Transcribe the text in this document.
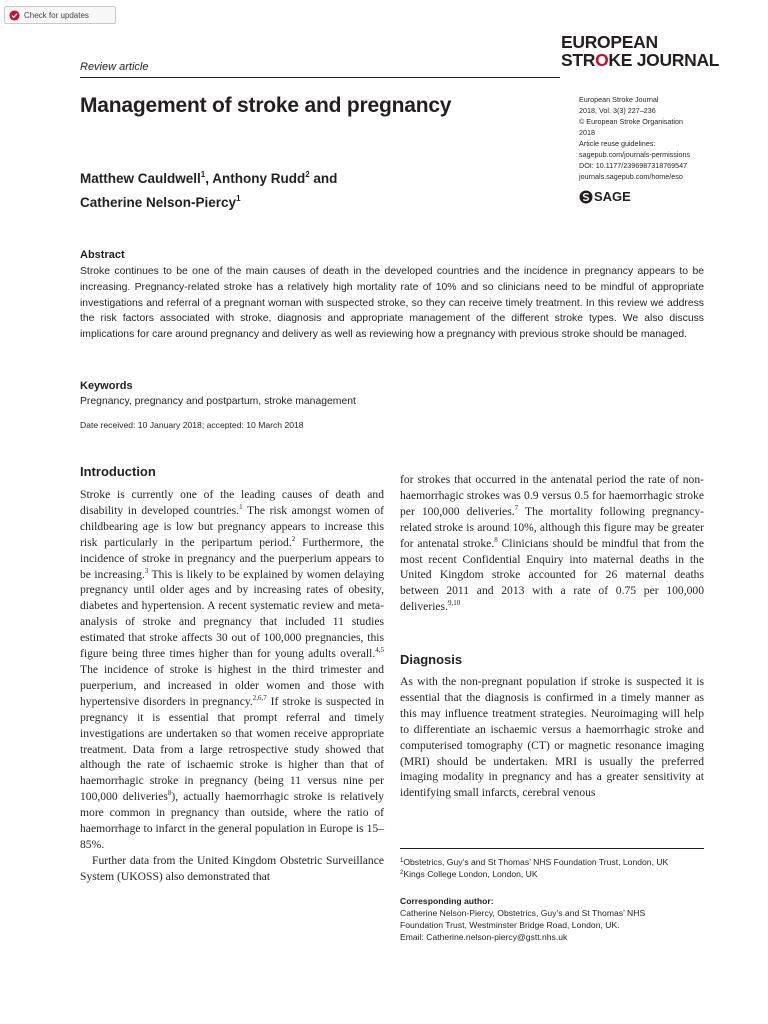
Check for updates
Review article
EUROPEAN
STROKE JOURNAL
European Stroke Journal
2018, Vol. 3(3) 227–236
© European Stroke Organisation
2018
Article reuse guidelines:
sagepub.com/journals-permissions
DOI: 10.1177/2396987318769547
journals.sagepub.com/home/eso
SAGE
Management of stroke and pregnancy
Matthew Cauldwell$^1$, Anthony Rudd$^2$ and
Catherine Nelson-Piercy$^1$
Abstract
Stroke continues to be one of the main causes of death in the developed countries and the incidence in pregnancy appears to be increasing. Pregnancy-related stroke has a relatively high mortality rate of 10% and so clinicians need to be mindful of appropriate investigations and referral of a pregnant woman with suspected stroke, so they can receive timely treatment. In this review we address the risk factors associated with stroke, diagnosis and appropriate management of the different stroke types. We also discuss implications for care around pregnancy and delivery as well as reviewing how a pregnancy with previous stroke should be managed.
Keywords
Pregnancy, pregnancy and postpartum, stroke management
Date received: 10 January 2018; accepted: 10 March 2018
Introduction

Stroke is currently one of the leading causes of death and disability in developed countries.$^1$ The risk amongst women of childbearing age is low but pregnancy appears to increase this risk particularly in the peripartum period.$^2$ Furthermore, the incidence of stroke in pregnancy and the puerperium appears to be increasing.$^3$ This is likely to be explained by women delaying pregnancy until older ages and by increasing rates of obesity, diabetes and hypertension. A recent systematic review and meta-analysis of stroke and pregnancy that included 11 studies estimated that stroke affects 30 out of 100,000 pregnancies, this figure being three times higher than for young adults overall.$^{4,5}$ The incidence of stroke is highest in the third trimester and puerperium, and increased in older women and those with hypertensive disorders in pregnancy.$^{2,6,7}$ If stroke is suspected in pregnancy it is essential that prompt referral and timely investigations are undertaken so that women receive appropriate treatment. Data from a large retrospective study showed that although the rate of ischaemic stroke is higher than that of haemorrhagic stroke in pregnancy (being 11 versus nine per 100,000 deliveries$^8$), actually haemorrhagic stroke is relatively more common in pregnancy than outside, where the ratio of haemorrhage to infarct in the general population in Europe is 15–85%.

Further data from the United Kingdom Obstetric Surveillance System (UKOSS) also demonstrated that

for strokes that occurred in the antenatal period the rate of non-haemorrhagic strokes was 0.9 versus 0.5 for haemorrhagic stroke per 100,000 deliveries.$^7$ The mortality following pregnancy-related stroke is around 10%, although this figure may be greater for antenatal stroke.$^8$ Clinicians should be mindful that from the most recent Confidential Enquiry into maternal deaths in the United Kingdom stroke accounted for 26 maternal deaths between 2011 and 2013 with a rate of 0.75 per 100,000 deliveries.$^{9,10}$

Diagnosis

As with the non-pregnant population if stroke is suspected it is essential that the diagnosis is confirmed in a timely manner as this may influence treatment strategies. Neuroimaging will help to differentiate an ischaemic versus a haemorrhagic stroke and computerised tomography (CT) or magnetic resonance imaging (MRI) should be undertaken. MRI is usually the preferred imaging modality in pregnancy and has a greater sensitivity at identifying small infarcts, cerebral venous

$^1$Obstetrics, Guy’s and St Thomas’ NHS Foundation Trust, London, UK
$^2$Kings College London, London, UK
Corresponding author:
Catherine Nelson-Piercy, Obstetrics, Guy’s and St Thomas’ NHS
Foundation Trust, Westminster Bridge Road, London, UK.
Email: Catherine.nelson-piercy@gstt.nhs.uk
